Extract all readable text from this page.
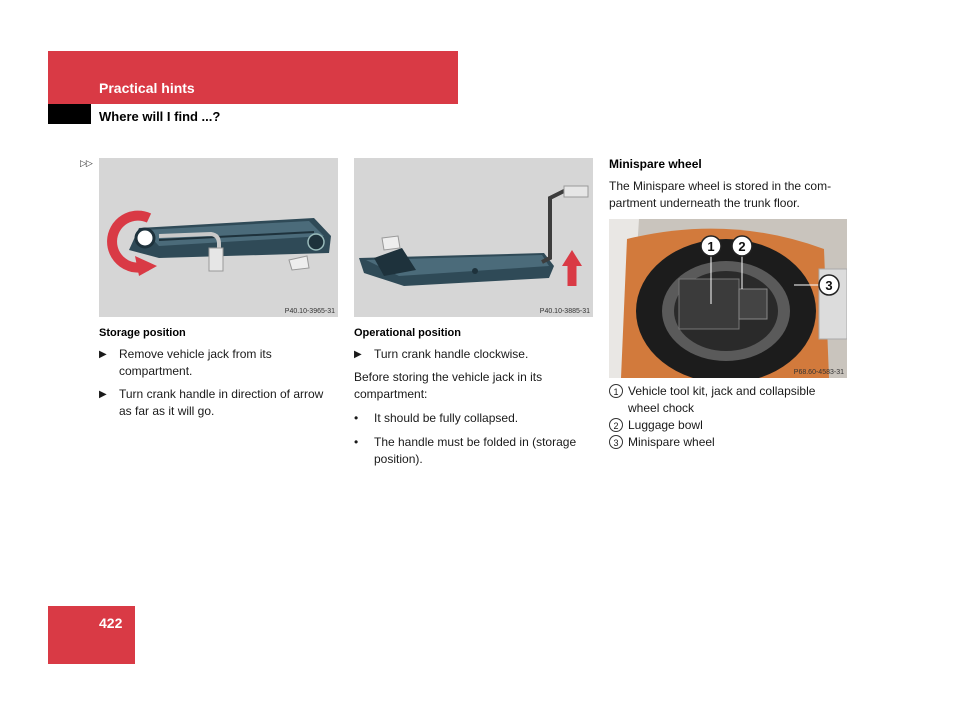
Practical hints
Where will I find ...?
▷▷
P40.10-3965-31
Storage position
▶	Remove vehicle jack from its compartment.
▶	Turn crank handle in direction of arrow as far as it will go.
P40.10-3885-31
Operational position
▶	Turn crank handle clockwise.
Before storing the vehicle jack in its compartment:
•	It should be fully collapsed.
•	The handle must be folded in (storage position).
Minispare wheel
The Minispare wheel is stored in the com-partment underneath the trunk floor.
1 2
3
P68.60-4583-31
1 Vehicle tool kit, jack and collapsible wheel chock
2 Luggage bowl
3 Minispare wheel
422
